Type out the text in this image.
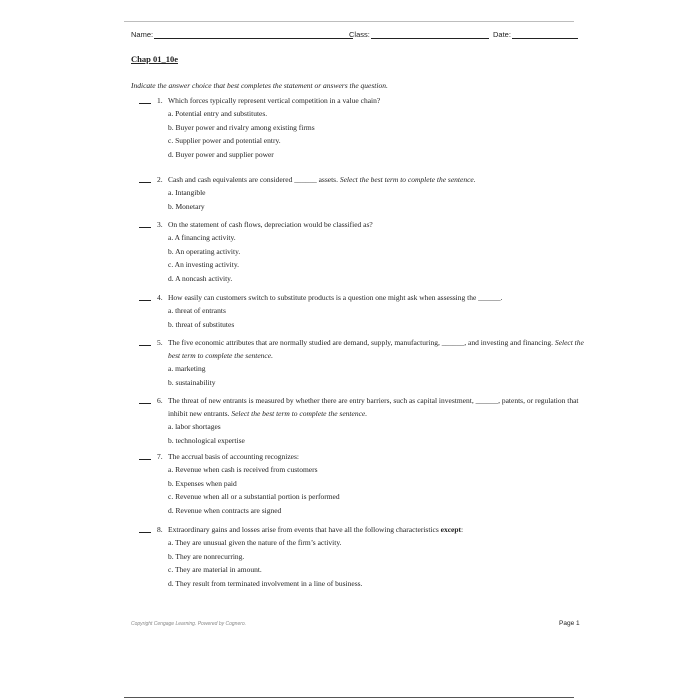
Name:	Class:	Date:
Chap 01_10e
Indicate the answer choice that best completes the statement or answers the question.
1. Which forces typically represent vertical competition in a value chain?
a. Potential entry and substitutes.
b. Buyer power and rivalry among existing firms
c. Supplier power and potential entry.
d. Buyer power and supplier power
2. Cash and cash equivalents are considered ______ assets. Select the best term to complete the sentence.
a. Intangible
b. Monetary
3. On the statement of cash flows, depreciation would be classified as?
a. A financing activity.
b. An operating activity.
c. An investing activity.
d. A noncash activity.
4. How easily can customers switch to substitute products is a question one might ask when assessing the ______.
a. threat of entrants
b. threat of substitutes
5. The five economic attributes that are normally studied are demand, supply, manufacturing, ______, and investing and financing. Select the best term to complete the sentence.
a. marketing
b. sustainability
6. The threat of new entrants is measured by whether there are entry barriers, such as capital investment, ______, patents, or regulation that inhibit new entrants. Select the best term to complete the sentence.
a. labor shortages
b. technological expertise
7. The accrual basis of accounting recognizes:
a. Revenue when cash is received from customers
b. Expenses when paid
c. Revenue when all or a substantial portion is performed
d. Revenue when contracts are signed
8. Extraordinary gains and losses arise from events that have all the following characteristics except:
a. They are unusual given the nature of the firm’s activity.
b. They are nonrecurring.
c. They are material in amount.
d. They result from terminated involvement in a line of business.
Copyright Cengage Learning. Powered by Cognero.	Page 1
